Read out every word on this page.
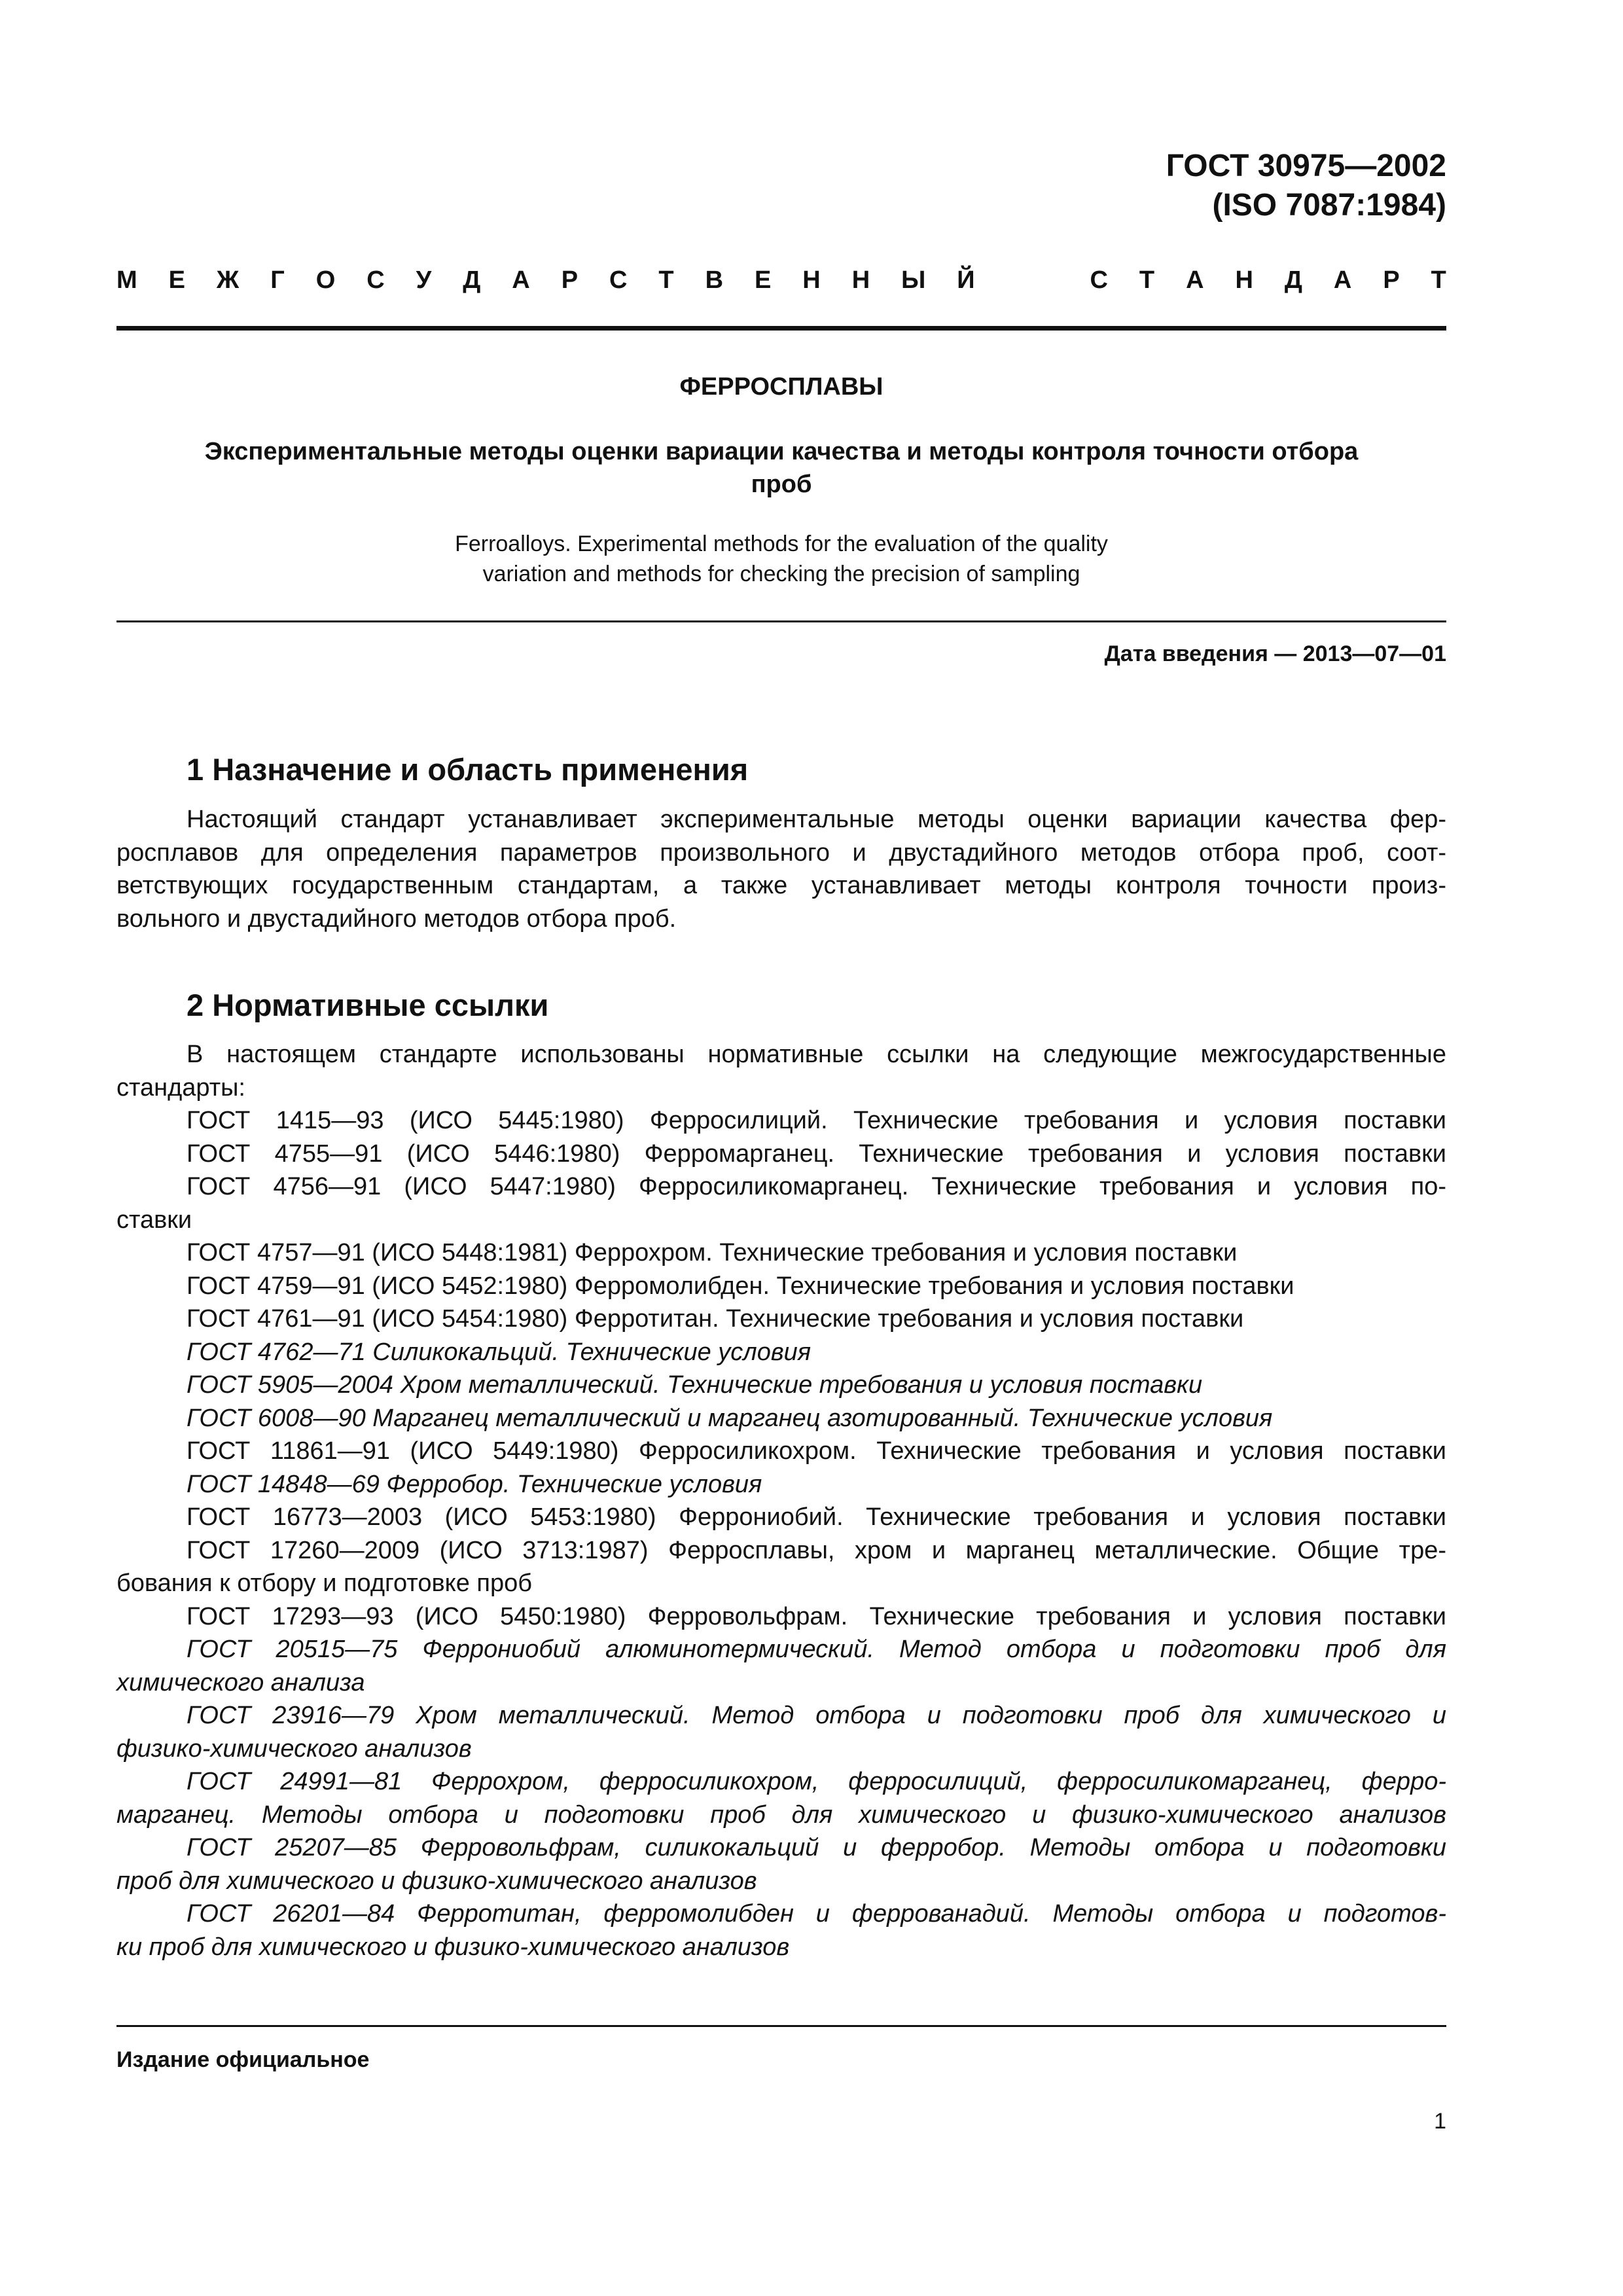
ГОСТ 30975—2002
(ISO 7087:1984)
М Е Ж Г О С У Д А Р С Т В Е Н Н Ы Й	С Т А Н Д А Р Т
ФЕРРОСПЛАВЫ
Экспериментальные методы оценки вариации качества и методы контроля точности отбора
проб
Ferroalloys. Experimental methods for the evaluation of the quality
variation and methods for checking the precision of sampling
Дата введения — 2013—07—01
1 Назначение и область применения
Настоящий стандарт устанавливает экспериментальные методы оценки вариации качества фер-
росплавов для определения параметров произвольного и двустадийного методов отбора проб, соот-
ветствующих государственным стандартам, а также устанавливает методы контроля точности произ-
вольного и двустадийного методов отбора проб.
2 Нормативные ссылки
В настоящем стандарте использованы нормативные ссылки на следующие межгосударственные
стандарты:
ГОСТ 1415—93 (ИСО 5445:1980) Ферросилиций. Технические требования и условия поставки
ГОСТ 4755—91 (ИСО 5446:1980) Ферромарганец. Технические требования и условия поставки
ГОСТ 4756—91 (ИСО 5447:1980) Ферросиликомарганец. Технические требования и условия по-
ставки
ГОСТ 4757—91 (ИСО 5448:1981) Феррохром. Технические требования и условия поставки
ГОСТ 4759—91 (ИСО 5452:1980) Ферромолибден. Технические требования и условия поставки
ГОСТ 4761—91 (ИСО 5454:1980) Ферротитан. Технические требования и условия поставки
ГОСТ 4762—71 Силикокальций. Технические условия
ГОСТ 5905—2004 Хром металлический. Технические требования и условия поставки
ГОСТ 6008—90 Марганец металлический и марганец азотированный. Технические условия
ГОСТ 11861—91 (ИСО 5449:1980) Ферросиликохром. Технические требования и условия поставки
ГОСТ 14848—69 Ферробор. Технические условия
ГОСТ 16773—2003 (ИСО 5453:1980) Феррониобий. Технические требования и условия поставки
ГОСТ 17260—2009 (ИСО 3713:1987) Ферросплавы, хром и марганец металлические. Общие тре-
бования к отбору и подготовке проб
ГОСТ 17293—93 (ИСО 5450:1980) Ферровольфрам. Технические требования и условия поставки
ГОСТ 20515—75 Феррониобий алюминотермический. Метод отбора и подготовки проб для
химического анализа
ГОСТ 23916—79 Хром металлический. Метод отбора и подготовки проб для химического и
физико-химического анализов
ГОСТ 24991—81 Феррохром, ферросиликохром, ферросилиций, ферросиликомарганец, ферро-
марганец. Методы отбора и подготовки проб для химического и физико-химического анализов
ГОСТ 25207—85 Ферровольфрам, силикокальций и ферробор. Методы отбора и подготовки
проб для химического и физико-химического анализов
ГОСТ 26201—84 Ферротитан, ферромолибден и феррованадий. Методы отбора и подготов-
ки проб для химического и физико-химического анализов
Издание официальное
1
